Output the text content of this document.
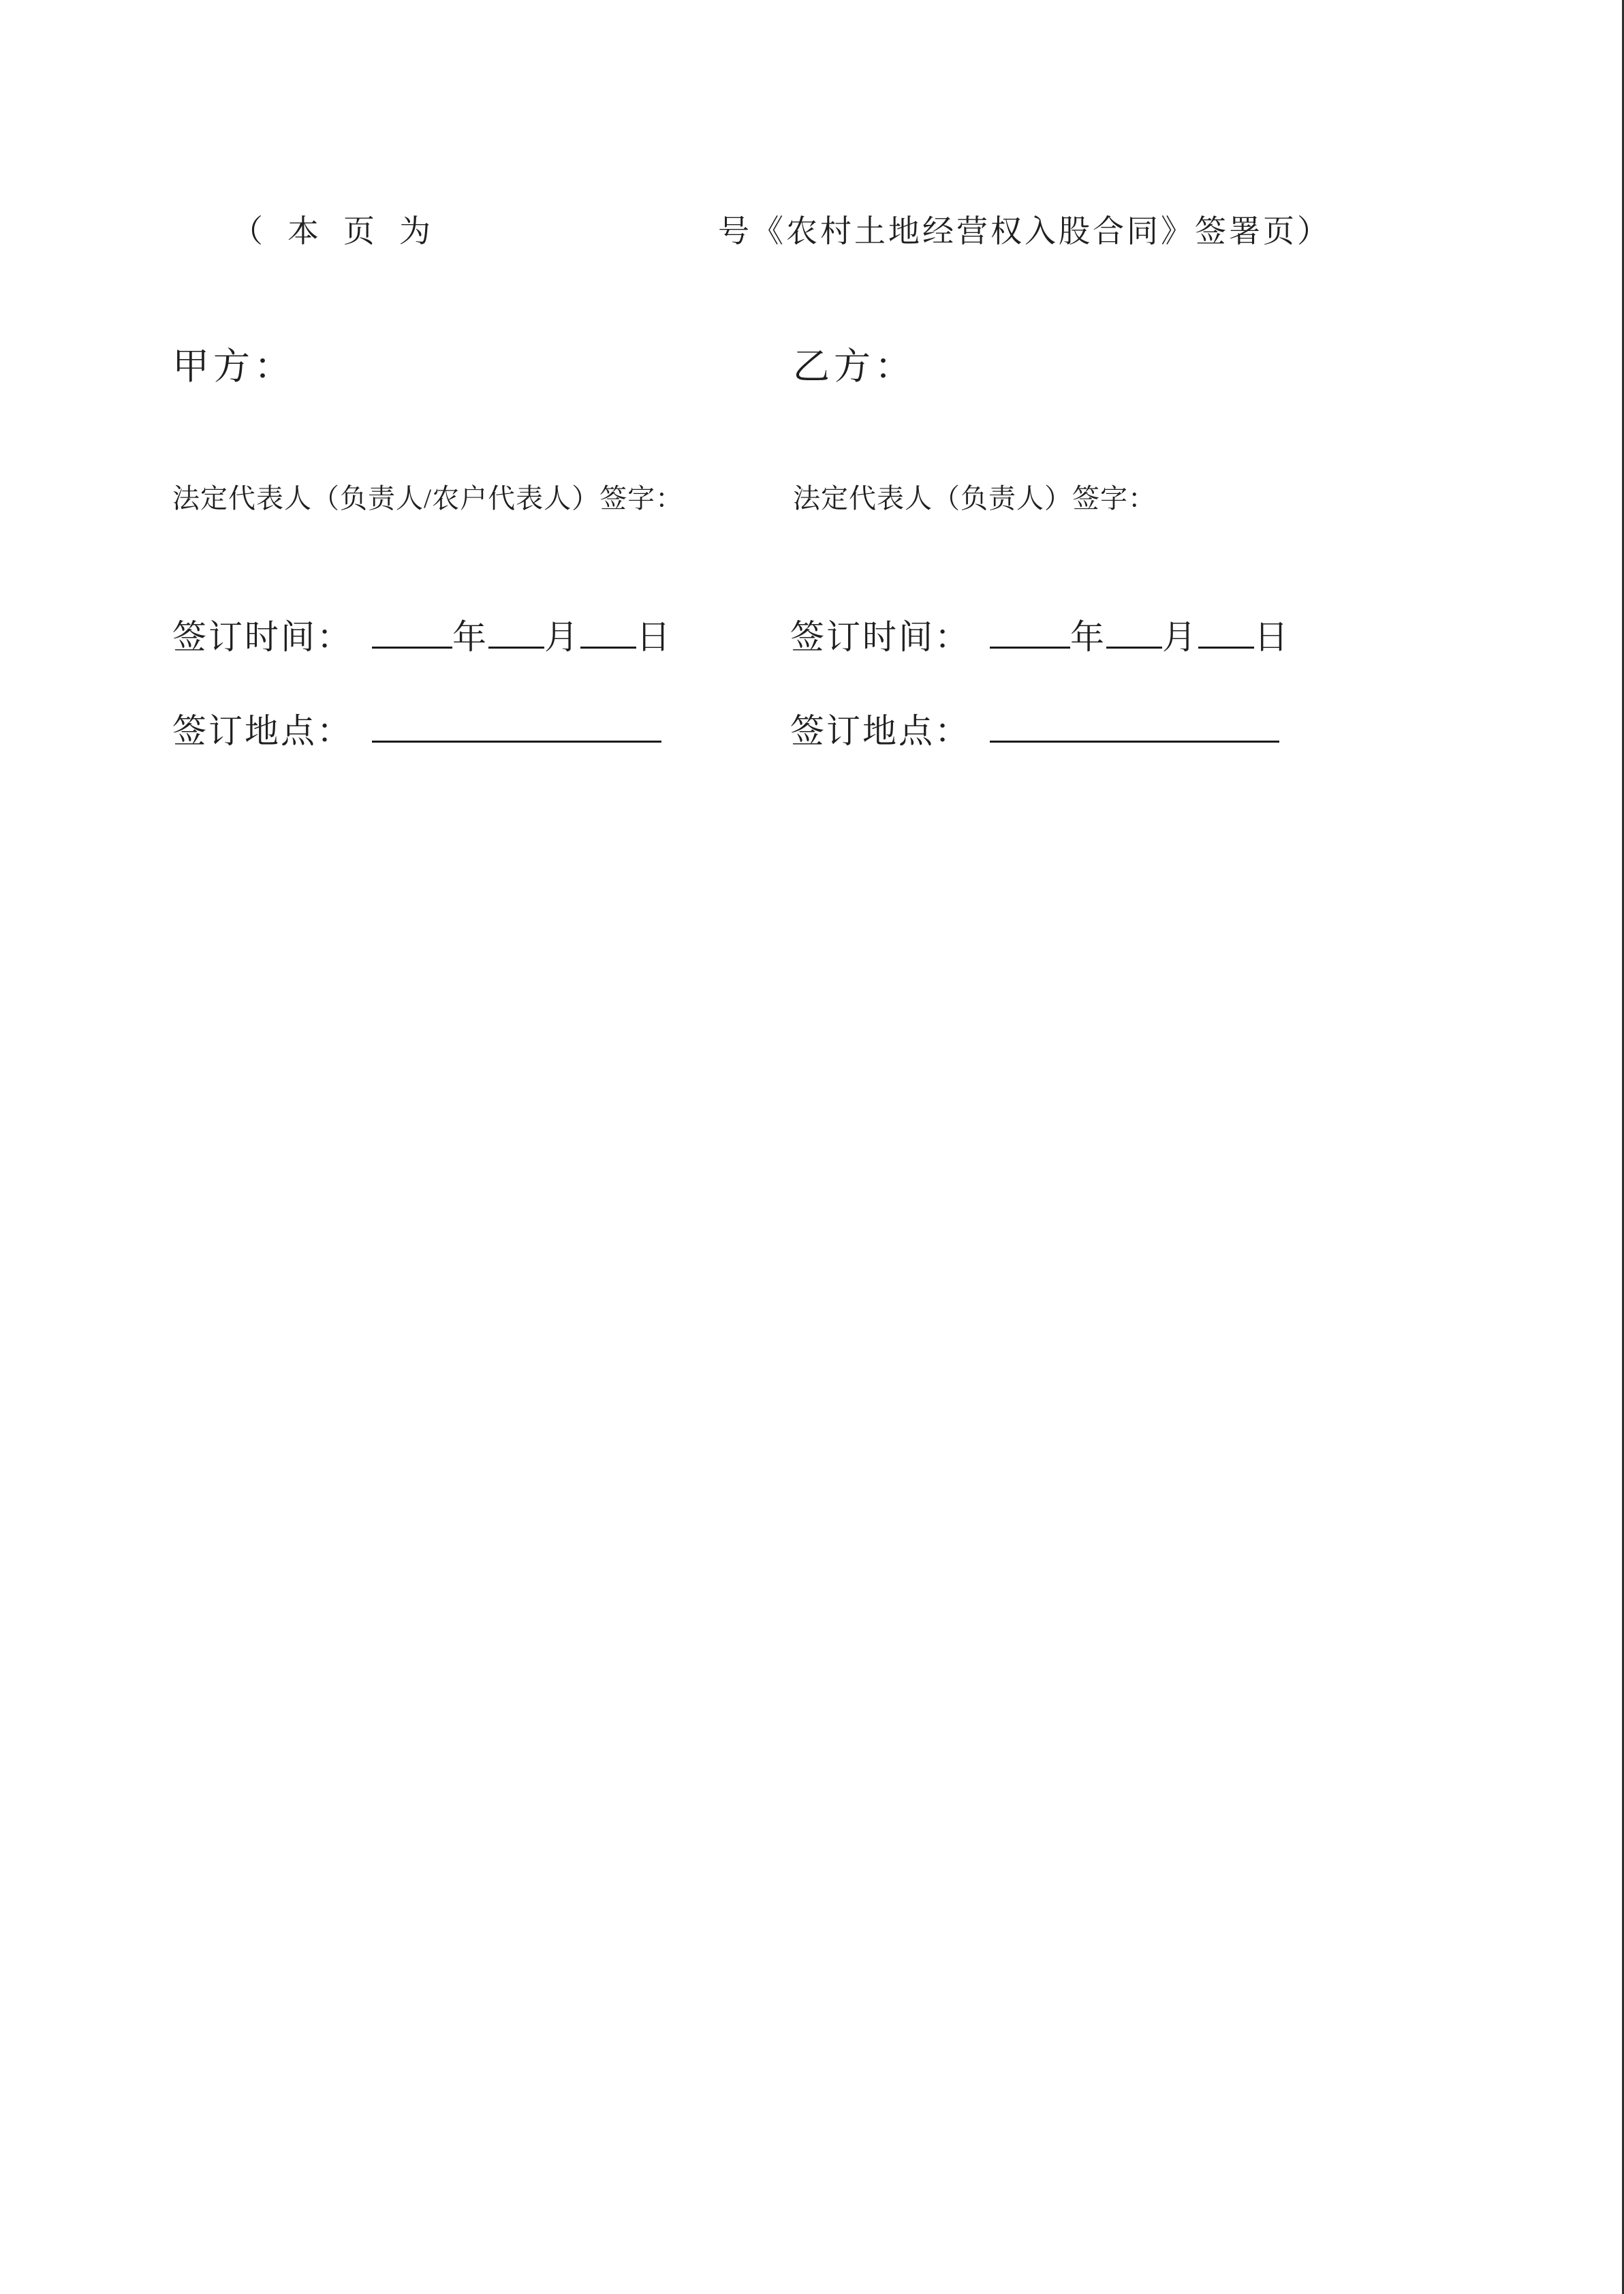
（本页为	号《农村土地经营权入股合同》签署页）
甲方：	乙方：
法定代表人（负责人/农户代表人）签字：	法定代表人（负责人）签字：
签订时间：	年 月 日	签订时间：	年 月 日
签订地点：	签订地点：
